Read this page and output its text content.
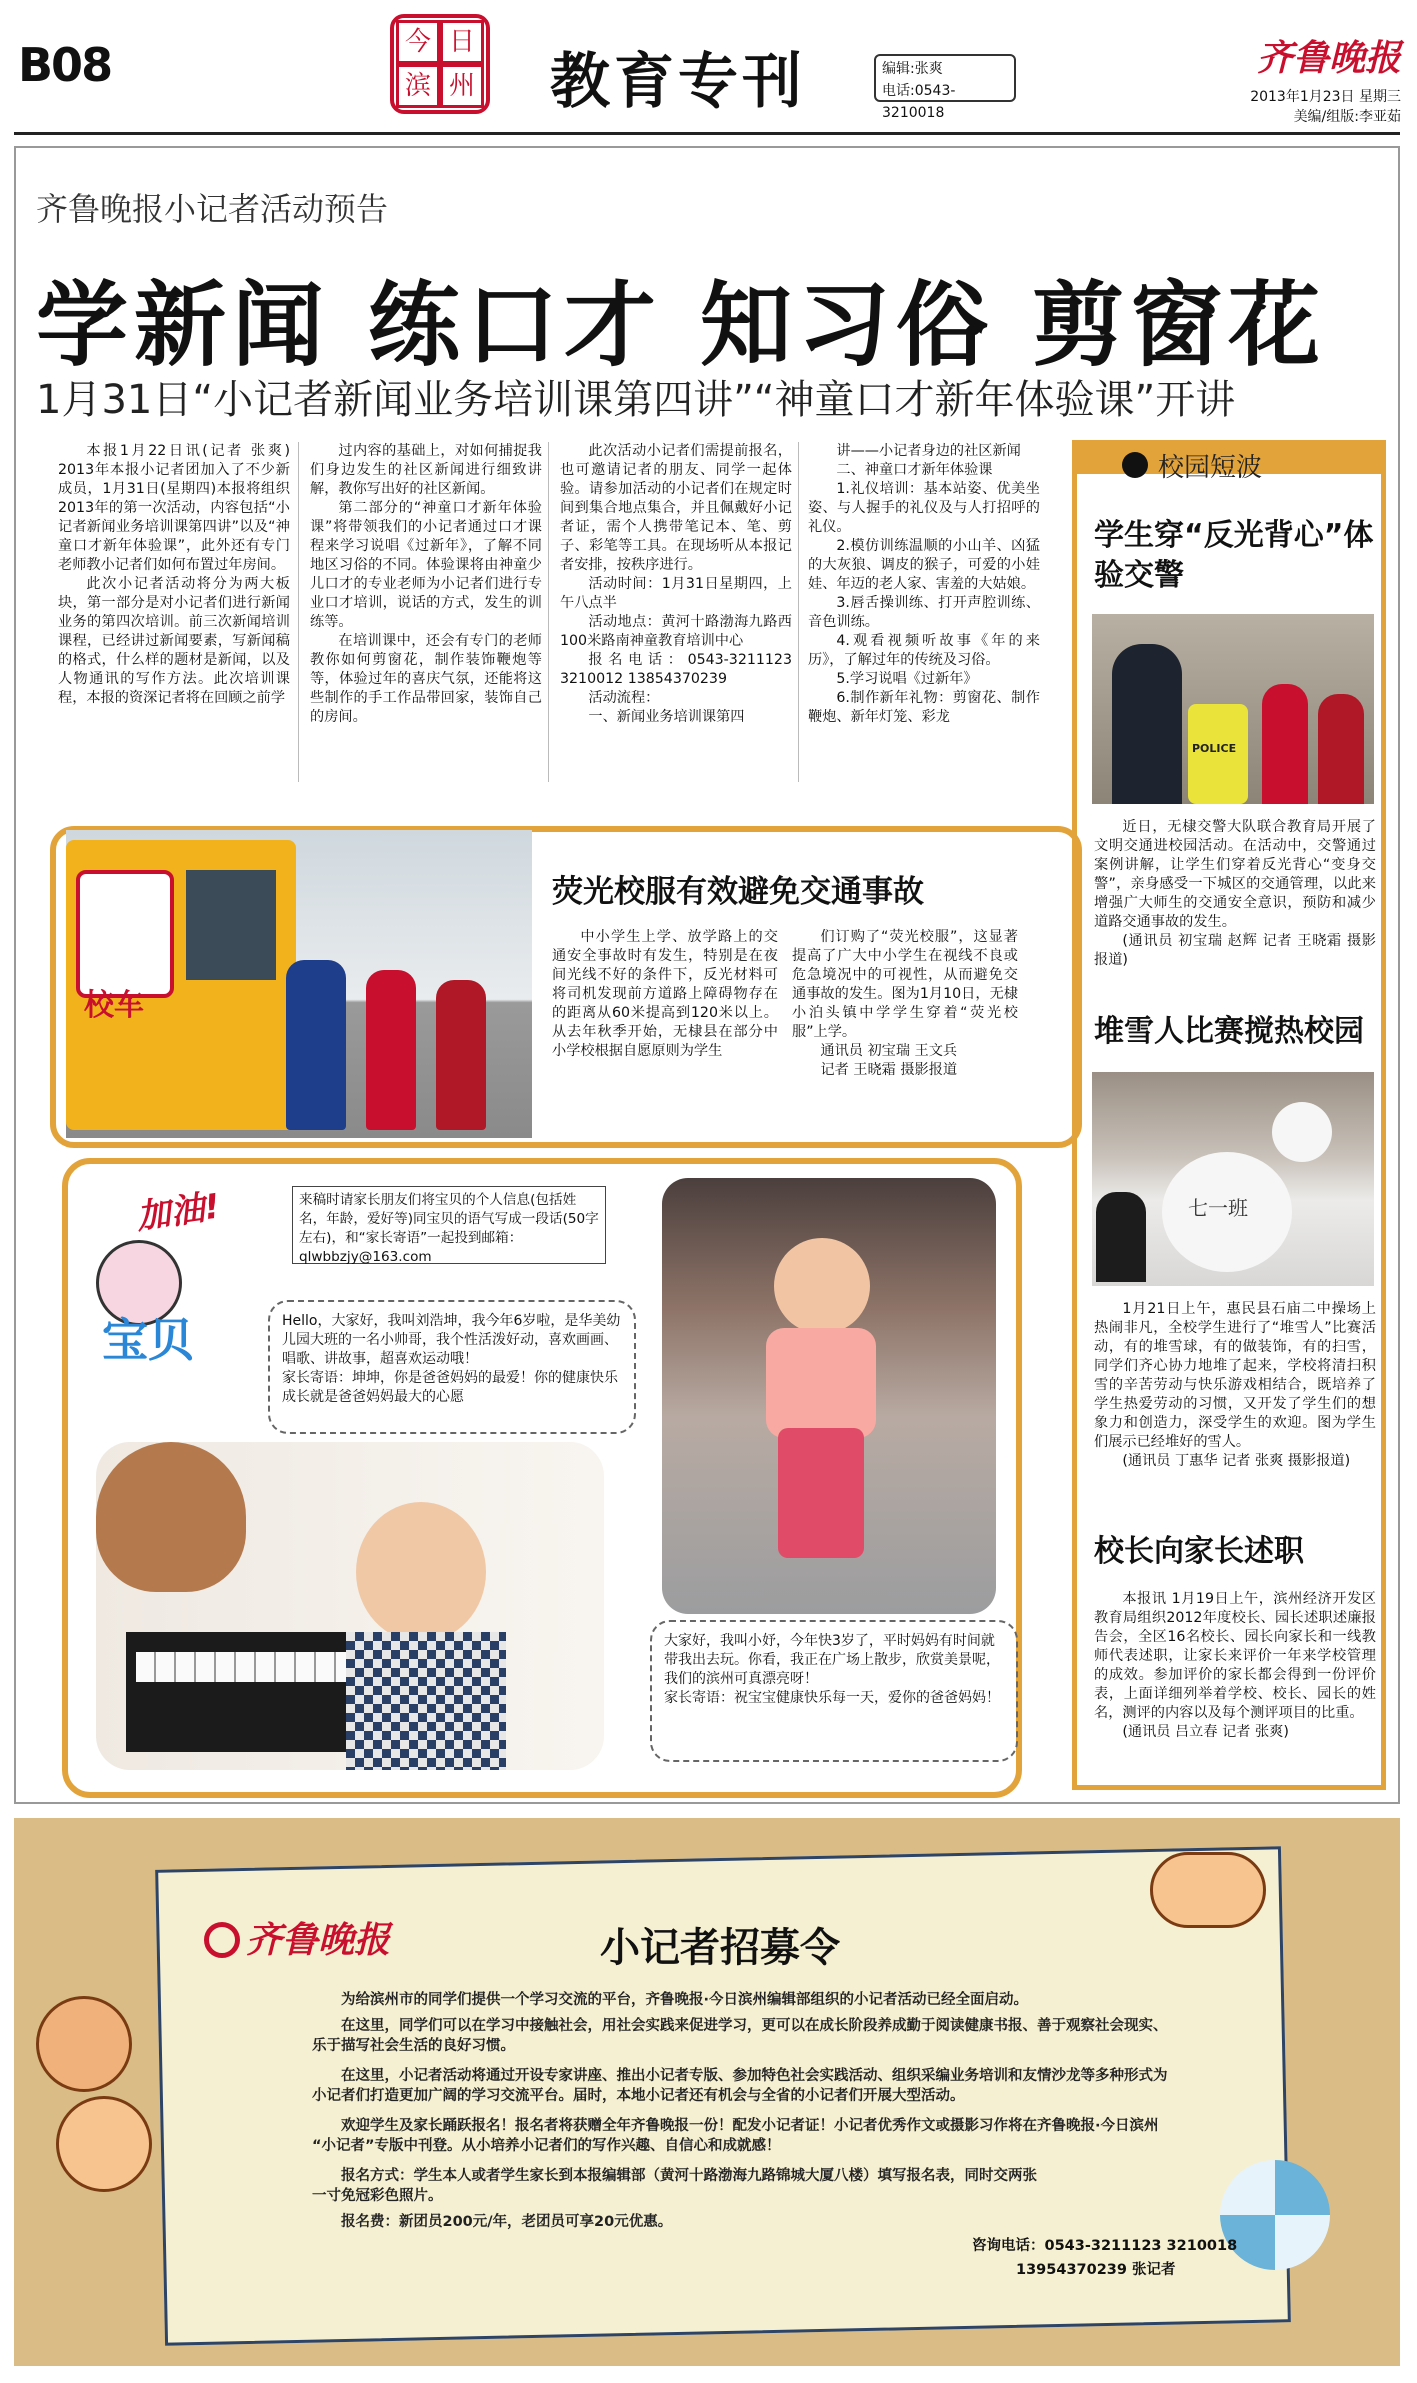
B08	今 日
滨 州 教育专刊	编辑:张爽
电话:0543-3210018
齐鲁晚报
2013年1月23日 星期三
美编/组版:李亚茹
齐鲁晚报小记者活动预告
学新闻 练口才 知习俗 剪窗花
1月31日“小记者新闻业务培训课第四讲”“神童口才新年体验课”开讲

本报1月22日讯(记者 张爽) 2013年本报小记者团加入了不少新成员，1月31日(星期四)本报将组织2013年的第一次活动，内容包括“小记者新闻业务培训课第四讲”以及“神童口才新年体验课”，此外还有专门老师教小记者们如何布置过年房间。

此次小记者活动将分为两大板块，第一部分是对小记者们进行新闻业务的第四次培训。前三次新闻培训课程，已经讲过新闻要素，写新闻稿的格式，什么样的题材是新闻，以及人物通讯的写作方法。此次培训课程，本报的资深记者将在回顾之前学

过内容的基础上，对如何捕捉我们身边发生的社区新闻进行细致讲解，教你写出好的社区新闻。

第二部分的“神童口才新年体验课”将带领我们的小记者通过口才课程来学习说唱《过新年》，了解不同地区习俗的不同。体验课将由神童少儿口才的专业老师为小记者们进行专业口才培训，说话的方式，发生的训练等。

在培训课中，还会有专门的老师教你如何剪窗花，制作装饰鞭炮等等，体验过年的喜庆气氛，还能将这些制作的手工作品带回家，装饰自己的房间。

此次活动小记者们需提前报名，也可邀请记者的朋友、同学一起体验。请参加活动的小记者们在规定时间到集合地点集合，并且佩戴好小记者证，需个人携带笔记本、笔、剪子、彩笔等工具。在现场听从本报记者安排，按秩序进行。

活动时间：1月31日星期四，上午八点半

活动地点：黄河十路渤海九路西100米路南神童教育培训中心

报名电话：0543-3211123 3210012 13854370239

活动流程：

一、新闻业务培训课第四

讲——小记者身边的社区新闻

二、神童口才新年体验课

1.礼仪培训：基本站姿、优美坐姿、与人握手的礼仪及与人打招呼的礼仪。

2.模仿训练温顺的小山羊、凶猛的大灰狼、调皮的猴子，可爱的小娃娃、年迈的老人家、害羞的大姑娘。

3.唇舌操训练、打开声腔训练、音色训练。

4.观看视频听故事《年的来历》，了解过年的传统及习俗。

5.学习说唱《过新年》

6.制作新年礼物：剪窗花、制作鞭炮、新年灯笼、彩龙

校车
荧光校服有效避免交通事故

中小学生上学、放学路上的交通安全事故时有发生，特别是在夜间光线不好的条件下，反光材料可将司机发现前方道路上障碍物存在的距离从60米提高到120米以上。从去年秋季开始，无棣县在部分中小学校根据自愿原则为学生

们订购了“荧光校服”，这显著提高了广大中小学生在视线不良或危急境况中的可视性，从而避免交通事故的发生。图为1月10日，无棣小泊头镇中学学生穿着“荧光校服”上学。

通讯员 初宝瑞 王文兵

记者 王晓霜 摄影报道

加油!
宝贝
来稿时请家长朋友们将宝贝的个人信息(包括姓名，年龄，爱好等)同宝贝的语气写成一段话(50字左右)，和“家长寄语”一起投到邮箱：qlwbbzjy@163.com
Hello，大家好，我叫刘浩坤，我今年6岁啦，是华美幼儿园大班的一名小帅哥，我个性活泼好动，喜欢画画、唱歌、讲故事，超喜欢运动哦！
家长寄语：坤坤，你是爸爸妈妈的最爱！你的健康快乐成长就是爸爸妈妈最大的心愿
大家好，我叫小妤，今年快3岁了，平时妈妈有时间就带我出去玩。你看，我正在广场上散步，欣赏美景呢，我们的滨州可真漂亮呀！
家长寄语：祝宝宝健康快乐每一天，爱你的爸爸妈妈！
校园短波
学生穿“反光背心”体验交警
POLICE

近日，无棣交警大队联合教育局开展了文明交通进校园活动。在活动中，交警通过案例讲解，让学生们穿着反光背心“变身交警”，亲身感受一下城区的交通管理，以此来增强广大师生的交通安全意识，预防和减少道路交通事故的发生。

(通讯员 初宝瑞 赵辉 记者 王晓霜 摄影报道)

堆雪人比赛搅热校园
七一班

1月21日上午，惠民县石庙二中操场上热闹非凡，全校学生进行了“堆雪人”比赛活动，有的堆雪球，有的做装饰，有的扫雪，同学们齐心协力地堆了起来，学校将清扫积雪的辛苦劳动与快乐游戏相结合，既培养了学生热爱劳动的习惯，又开发了学生们的想象力和创造力，深受学生的欢迎。图为学生们展示已经堆好的雪人。

(通讯员 丁惠华 记者 张爽 摄影报道)

校长向家长述职

本报讯 1月19日上午，滨州经济开发区教育局组织2012年度校长、园长述职述廉报告会，全区16名校长、园长向家长和一线教师代表述职，让家长来评价一年来学校管理的成效。参加评价的家长都会得到一份评价表，上面详细列举着学校、校长、园长的姓名，测评的内容以及每个测评项目的比重。

(通讯员 吕立春 记者 张爽)

齐鲁晚报	小记者招募令
为给滨州市的同学们提供一个学习交流的平台，齐鲁晚报·今日滨州编辑部组织的小记者活动已经全面启动。
在这里，同学们可以在学习中接触社会，用社会实践来促进学习，更可以在成长阶段养成勤于阅读健康书报、善于观察社会现实、
乐于描写社会生活的良好习惯。
在这里，小记者活动将通过开设专家讲座、推出小记者专版、参加特色社会实践活动、组织采编业务培训和友情沙龙等多种形式为
小记者们打造更加广阔的学习交流平台。届时，本地小记者还有机会与全省的小记者们开展大型活动。
欢迎学生及家长踊跃报名！报名者将获赠全年齐鲁晚报一份！配发小记者证！小记者优秀作文或摄影习作将在齐鲁晚报·今日滨州
“小记者”专版中刊登。从小培养小记者们的写作兴趣、自信心和成就感！
报名方式：学生本人或者学生家长到本报编辑部（黄河十路渤海九路锦城大厦八楼）填写报名表，同时交两张
一寸免冠彩色照片。
报名费：新团员200元/年，老团员可享20元优惠。
咨询电话：0543-3211123 3210018
13954370239 张记者
